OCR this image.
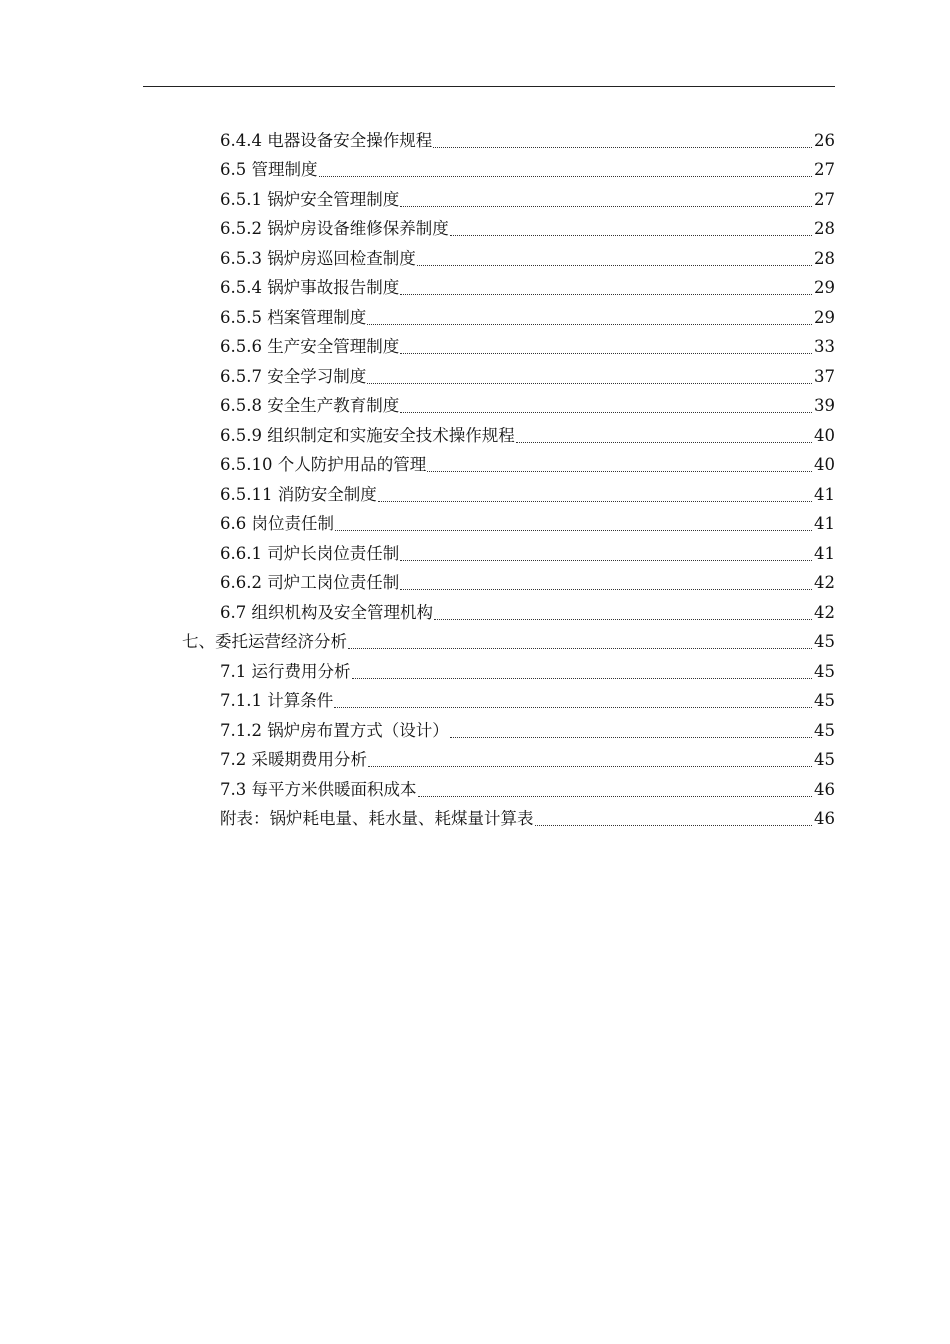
6.4.4 电器设备安全操作规程	26
6.5 管理制度	27
6.5.1 锅炉安全管理制度	27
6.5.2 锅炉房设备维修保养制度	28
6.5.3 锅炉房巡回检查制度	28
6.5.4 锅炉事故报告制度	29
6.5.5 档案管理制度	29
6.5.6 生产安全管理制度	33
6.5.7 安全学习制度	37
6.5.8 安全生产教育制度	39
6.5.9 组织制定和实施安全技术操作规程	40
6.5.10 个人防护用品的管理	40
6.5.11 消防安全制度	41
6.6 岗位责任制	41
6.6.1 司炉长岗位责任制	41
6.6.2 司炉工岗位责任制	42
6.7 组织机构及安全管理机构	42
七、委托运营经济分析	45
7.1 运行费用分析	45
7.1.1 计算条件	45
7.1.2 锅炉房布置方式（设计）	45
7.2 采暖期费用分析	45
7.3 每平方米供暖面积成本	46
附表：锅炉耗电量、耗水量、耗煤量计算表	46
